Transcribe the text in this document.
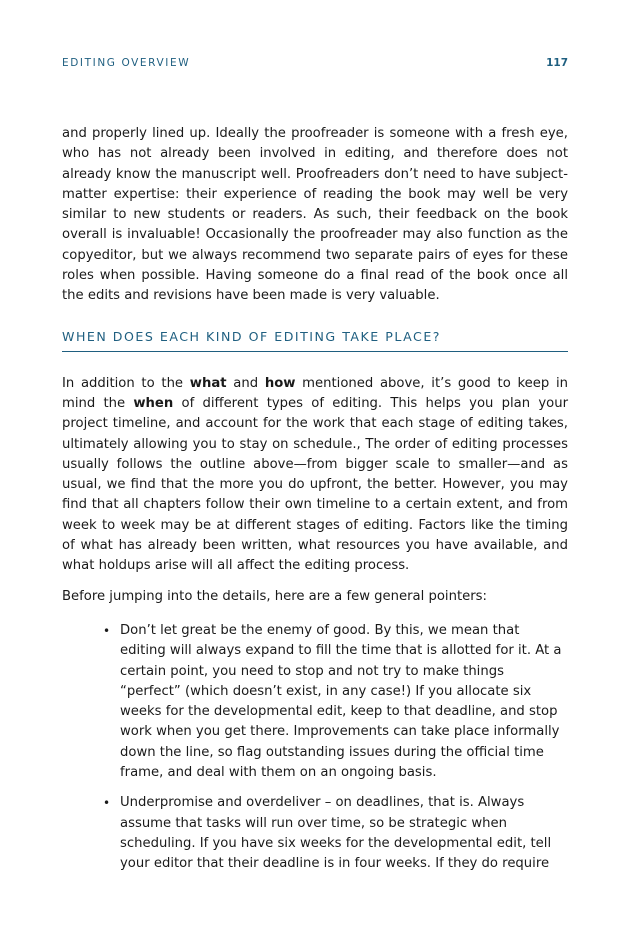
EDITING OVERVIEW	117

and properly lined up. Ideally the proofreader is someone with a fresh eye, who has not already been involved in editing, and therefore does not already know the manuscript well. Proofreaders don’t need to have subject-matter expertise: their experience of reading the book may well be very similar to new students or readers. As such, their feedback on the book overall is invaluable! Occasionally the proofreader may also function as the copyeditor, but we always recommend two separate pairs of eyes for these roles when possible. Having someone do a final read of the book once all the edits and revisions have been made is very valuable.

WHEN DOES EACH KIND OF EDITING TAKE PLACE?

In addition to the what and how mentioned above, it’s good to keep in mind the when of different types of editing. This helps you plan your project timeline, and account for the work that each stage of editing takes, ultimately allowing you to stay on schedule., The order of editing processes usually follows the outline above—from bigger scale to smaller—and as usual, we find that the more you do upfront, the better. However, you may find that all chapters follow their own timeline to a certain extent, and from week to week may be at different stages of editing. Factors like the timing of what has already been written, what resources you have available, and what holdups arise will all affect the editing process.

Before jumping into the details, here are a few general pointers:

• Don’t let great be the enemy of good. By this, we mean that editing will always expand to fill the time that is allotted for it. At a certain point, you need to stop and not try to make things “perfect” (which doesn’t exist, in any case!) If you allocate six weeks for the developmental edit, keep to that deadline, and stop work when you get there. Improvements can take place informally down the line, so flag outstanding issues during the official time frame, and deal with them on an ongoing basis.
• Underpromise and overdeliver – on deadlines, that is. Always assume that tasks will run over time, so be strategic when scheduling. If you have six weeks for the developmental edit, tell your editor that their deadline is in four weeks. If they do require
